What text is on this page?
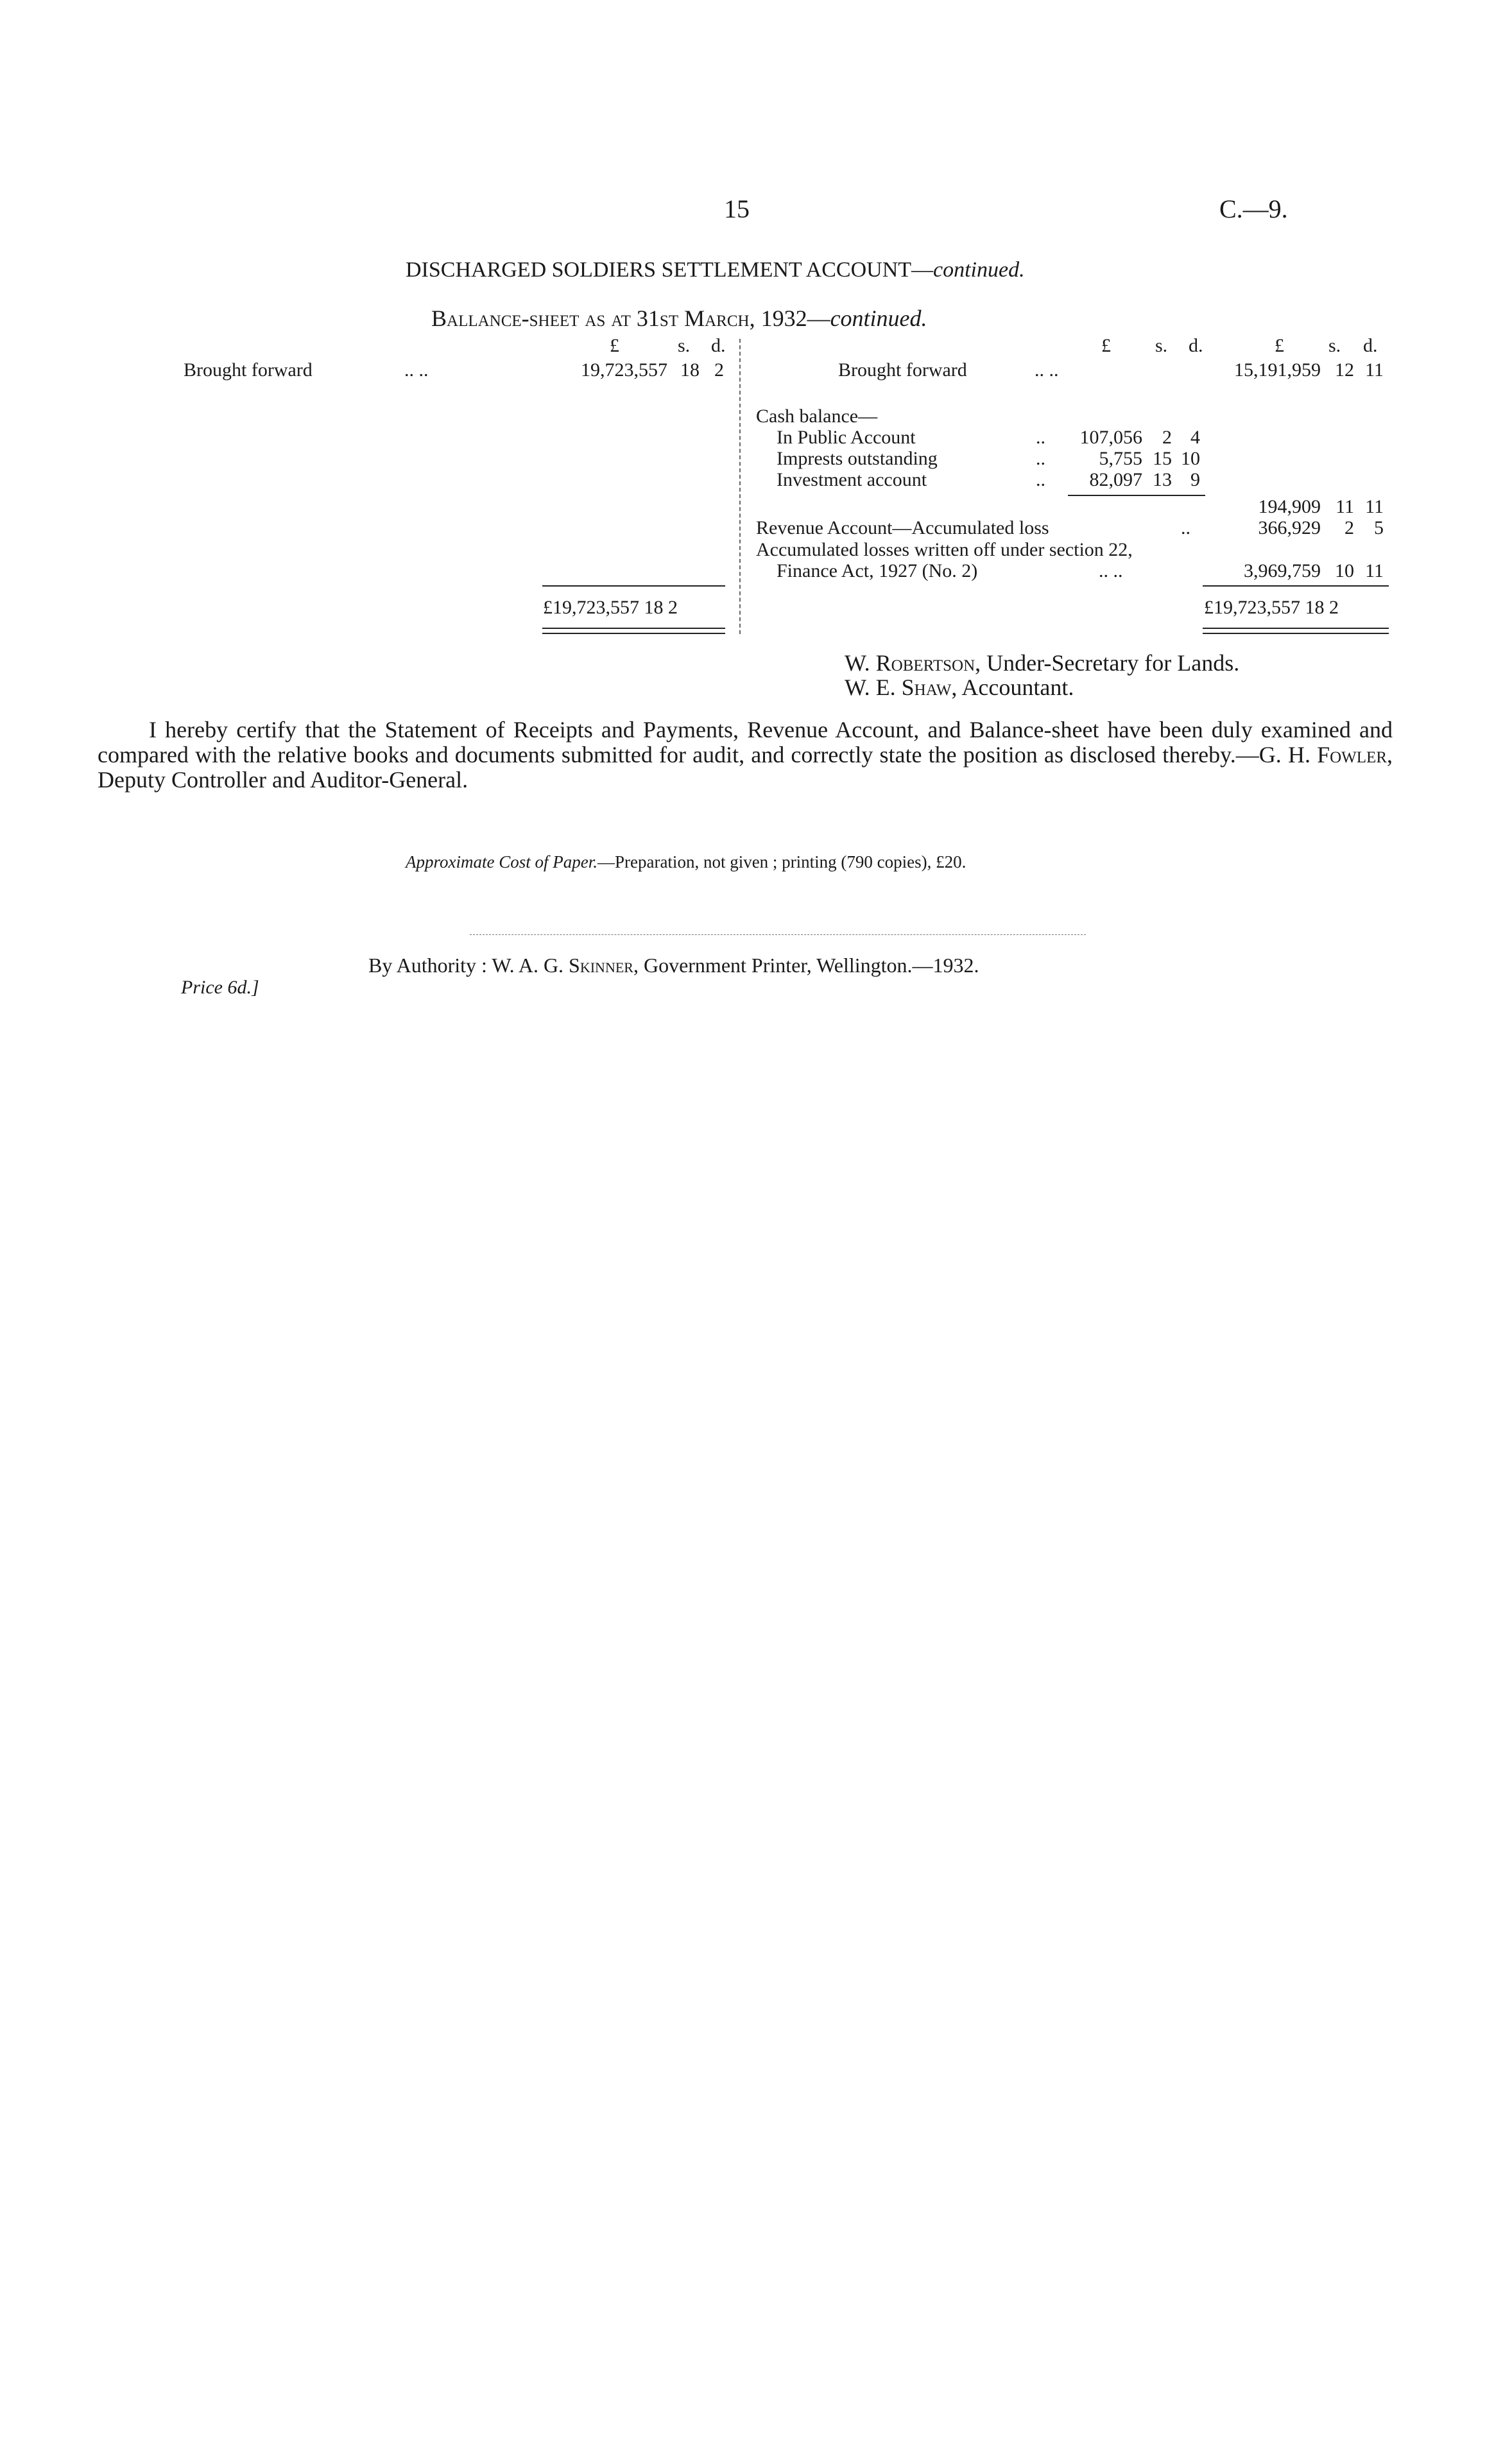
15	C.—9.
DISCHARGED SOLDIERS SETTLEMENT ACCOUNT—continued.
Ballance-sheet as at 31st March, 1932—continued.
£	s. d.
Brought forward	.. ..	19,723,557 18 2
£19,723,557 18 2
£ s. d.	£ s. d.
Brought forward	.. ..	15,191,959 12 11
Cash balance—
In Public Account	..	107,056	2 4
Imprests outstanding	..	5,755 15 10
Investment account	..	82,097 13 9
194,909 11 11
Revenue Account—Accumulated loss	..	366,929	2	5
Accumulated losses written off under section 22,
Finance Act, 1927 (No. 2)	.. ..	3,969,759 10 11
£19,723,557 18 2
W. Robertson, Under-Secretary for Lands.
W. E. Shaw, Accountant.
I hereby certify that the Statement of Receipts and Payments, Revenue Account, and Balance-sheet have been duly examined and compared with the relative books and documents submitted for audit, and correctly state the position as disclosed thereby.—G. H. Fowler, Deputy Controller and Auditor-General.
Approximate Cost of Paper.—Preparation, not given ; printing (790 copies), £20.
Price 6d.]
By Authority : W. A. G. Skinner, Government Printer, Wellington.—1932.
